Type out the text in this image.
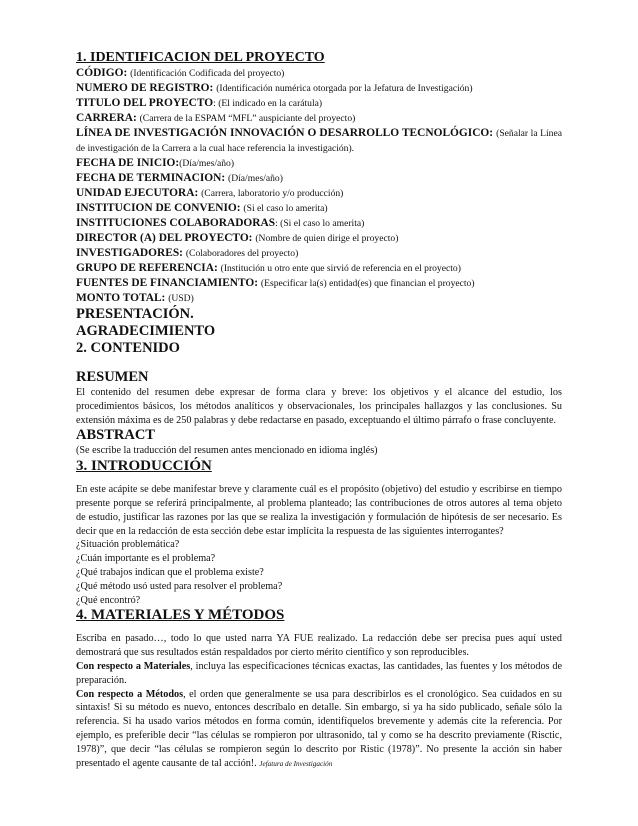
1. IDENTIFICACION DEL PROYECTO

CÓDIGO: (Identificación Codificada del proyecto)

NUMERO DE REGISTRO: (Identificación numérica otorgada por la Jefatura de Investigación)

TITULO DEL PROYECTO: (El indicado en la carátula)

CARRERA: (Carrera de la ESPAM “MFL” auspiciante del proyecto)

LÍNEA DE INVESTIGACIÓN INNOVACIÓN O DESARROLLO TECNOLÓGICO: (Señalar la Línea de investigación de la Carrera a la cual hace referencia la investigación).

FECHA DE INICIO:(Día/mes/año)

FECHA DE TERMINACION: (Día/mes/año)

UNIDAD EJECUTORA: (Carrera, laboratorio y/o producción)

INSTITUCION DE CONVENIO: (Si el caso lo amerita)

INSTITUCIONES COLABORADORAS: (Si el caso lo amerita)

DIRECTOR (A) DEL PROYECTO: (Nombre de quien dirige el proyecto)

INVESTIGADORES: (Colaboradores del proyecto)

GRUPO DE REFERENCIA: (Institución u otro ente que sirvió de referencia en el proyecto)

FUENTES DE FINANCIAMIENTO: (Especificar la(s) entidad(es) que financian el proyecto)

MONTO TOTAL: (USD)

PRESENTACIÓN.

AGRADECIMIENTO

2. CONTENIDO

RESUMEN

El contenido del resumen debe expresar de forma clara y breve: los objetivos y el alcance del estudio, los procedimientos básicos, los métodos analíticos y observacionales, los principales hallazgos y las conclusiones. Su extensión máxima es de 250 palabras y debe redactarse en pasado, exceptuando el último párrafo o frase concluyente.

ABSTRACT

(Se escribe la traducción del resumen antes mencionado en idioma inglés)

3. INTRODUCCIÓN

En este acápite se debe manifestar breve y claramente cuál es el propósito (objetivo) del estudio y escribirse en tiempo presente porque se referirá principalmente, al problema planteado; las contribuciones de otros autores al tema objeto de estudio, justificar las razones por las que se realiza la investigación y formulación de hipótesis de ser necesario. Es decir que en la redacción de esta sección debe estar implícita la respuesta de las siguientes interrogantes?

¿Situación problemática?

¿Cuán importante es el problema?

¿Qué trabajos indican que el problema existe?

¿Qué método usó usted para resolver el problema?

¿Qué encontró?

4. MATERIALES Y MÉTODOS

Escriba en pasado…, todo lo que usted narra YA FUE realizado. La redacción debe ser precisa pues aquí usted demostrará que sus resultados están respaldados por cierto mérito científico y son reproducibles.

Con respecto a Materiales, incluya las especificaciones técnicas exactas, las cantidades, las fuentes y los métodos de preparación.

Con respecto a Métodos, el orden que generalmente se usa para describirlos es el cronológico. Sea cuidados en su sintaxis! Si su método es nuevo, entonces descríbalo en detalle. Sin embargo, si ya ha sido publicado, señale sólo la referencia. Si ha usado varios métodos en forma común, identifíquelos brevemente y además cite la referencia. Por ejemplo, es preferible decir “las células se rompieron por ultrasonido, tal y como se ha descrito previamente (Risctic, 1978)”, que decir “las células se rompieron según lo descrito por Ristic (1978)”. No presente la acción sin haber presentado el agente causante de tal acción!. Jefatura de Investigación
